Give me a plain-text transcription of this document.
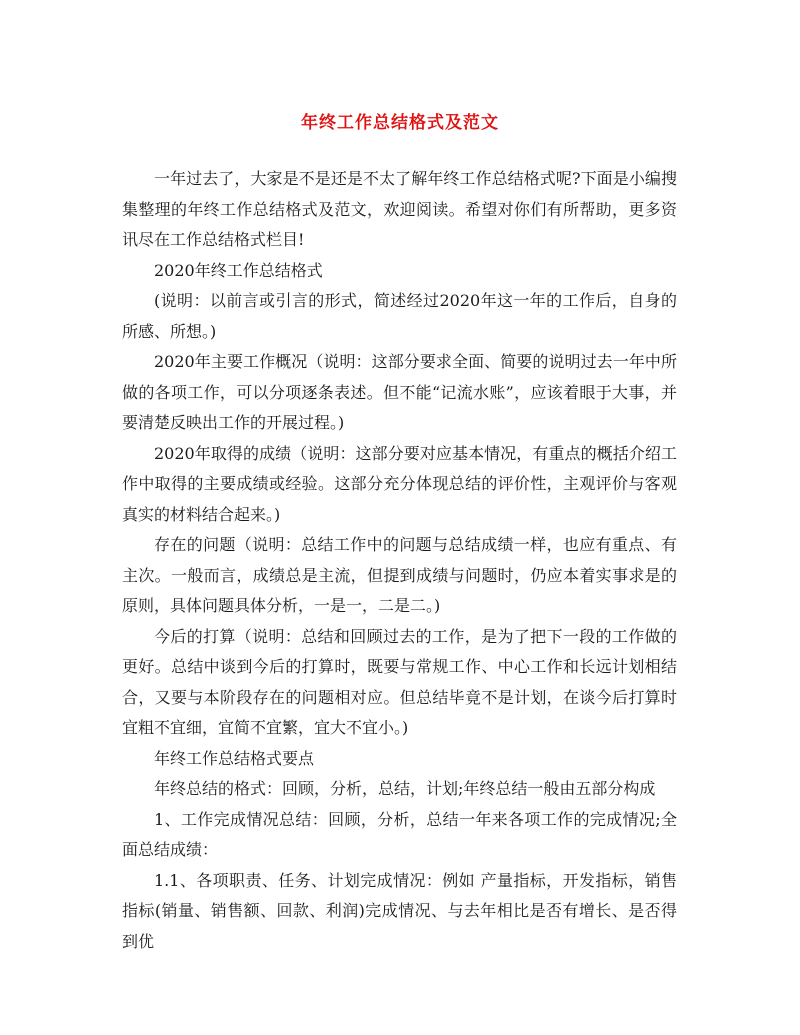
年终工作总结格式及范文

一年过去了，大家是不是还是不太了解年终工作总结格式呢?下面是小编搜集整理的年终工作总结格式及范文，欢迎阅读。希望对你们有所帮助，更多资讯尽在工作总结格式栏目!

2020年终工作总结格式

(说明：以前言或引言的形式，简述经过2020年这一年的工作后，自身的所感、所想。)

2020年主要工作概况（说明：这部分要求全面、简要的说明过去一年中所做的各项工作，可以分项逐条表述。但不能“记流水账”，应该着眼于大事，并要清楚反映出工作的开展过程。)

2020年取得的成绩（说明：这部分要对应基本情况，有重点的概括介绍工作中取得的主要成绩或经验。这部分充分体现总结的评价性，主观评价与客观真实的材料结合起来。)

存在的问题（说明：总结工作中的问题与总结成绩一样，也应有重点、有主次。一般而言，成绩总是主流，但提到成绩与问题时，仍应本着实事求是的原则，具体问题具体分析，一是一，二是二。)

今后的打算（说明：总结和回顾过去的工作，是为了把下一段的工作做的更好。总结中谈到今后的打算时，既要与常规工作、中心工作和长远计划相结合，又要与本阶段存在的问题相对应。但总结毕竟不是计划，在谈今后打算时宜粗不宜细，宜简不宜繁，宜大不宜小。)

年终工作总结格式要点

年终总结的格式：回顾，分析，总结，计划;年终总结一般由五部分构成

1、工作完成情况总结：回顾，分析，总结一年来各项工作的完成情况;全面总结成绩：

1.1、各项职责、任务、计划完成情况：例如 产量指标，开发指标，销售指标(销量、销售额、回款、利润)完成情况、与去年相比是否有增长、是否得到优
